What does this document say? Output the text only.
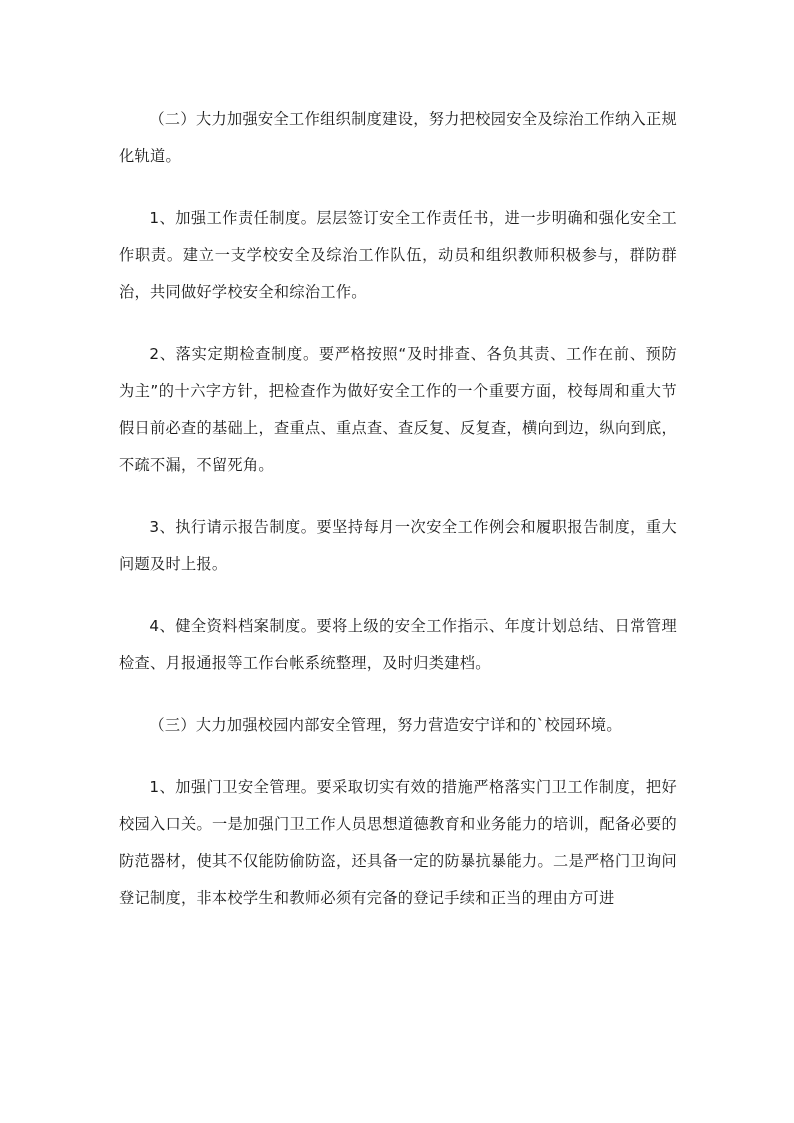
（二）大力加强安全工作组织制度建设，努力把校园安全及综治工作纳入正规化轨道。

1、加强工作责任制度。层层签订安全工作责任书，进一步明确和强化安全工作职责。建立一支学校安全及综治工作队伍，动员和组织教师积极参与，群防群治，共同做好学校安全和综治工作。

2、落实定期检查制度。要严格按照“及时排查、各负其责、工作在前、预防为主”的十六字方针，把检查作为做好安全工作的一个重要方面，校每周和重大节假日前必查的基础上，查重点、重点查、查反复、反复查，横向到边，纵向到底，不疏不漏，不留死角。

3、执行请示报告制度。要坚持每月一次安全工作例会和履职报告制度，重大问题及时上报。

4、健全资料档案制度。要将上级的安全工作指示、年度计划总结、日常管理检查、月报通报等工作台帐系统整理，及时归类建档。

（三）大力加强校园内部安全管理，努力营造安宁详和的`校园环境。

1、加强门卫安全管理。要采取切实有效的措施严格落实门卫工作制度，把好校园入口关。一是加强门卫工作人员思想道德教育和业务能力的培训，配备必要的防范器材，使其不仅能防偷防盗，还具备一定的防暴抗暴能力。二是严格门卫询问登记制度，非本校学生和教师必须有完备的登记手续和正当的理由方可进
